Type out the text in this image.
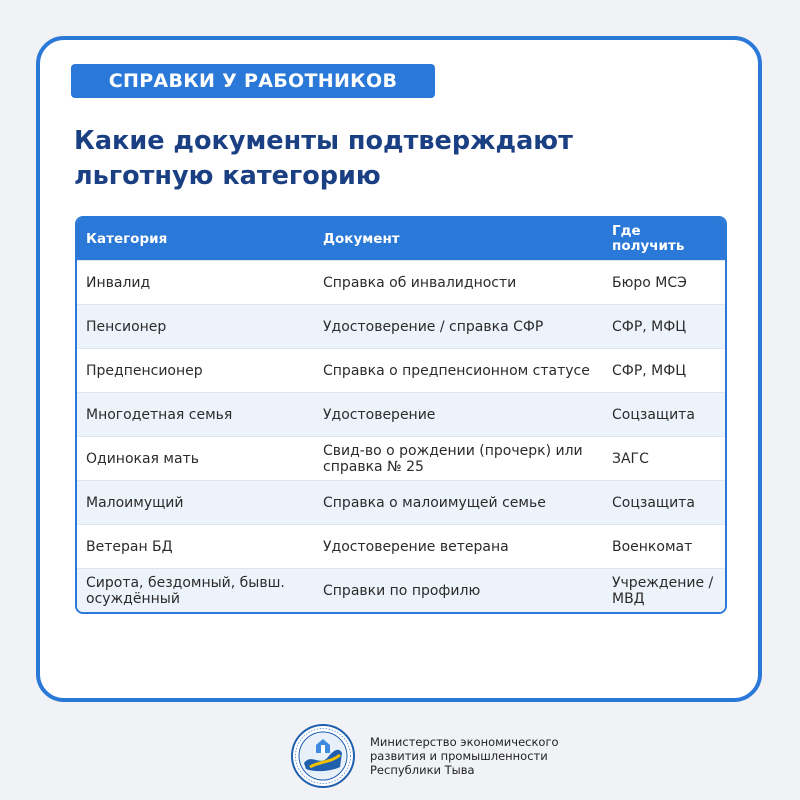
СПРАВКИ У РАБОТНИКОВ
Какие документы подтверждают льготную категорию
Категория	Документ	Где получить
Инвалид	Справка об инвалидности	Бюро МСЭ
Пенсионер	Удостоверение / справка СФР	СФР, МФЦ
Предпенсионер	Справка о предпенсионном статусе	СФР, МФЦ
Многодетная семья	Удостоверение	Соцзащита
Одинокая мать	Свид-во о рождении (прочерк) или справка № 25	ЗАГС
Малоимущий	Справка о малоимущей семье	Соцзащита
Ветеран БД	Удостоверение ветерана	Военкомат
Сирота, бездомный, бывш. осуждённый	Справки по профилю	Учреждение / МВД
Министерство экономического
развития и промышленности
Республики Тыва
